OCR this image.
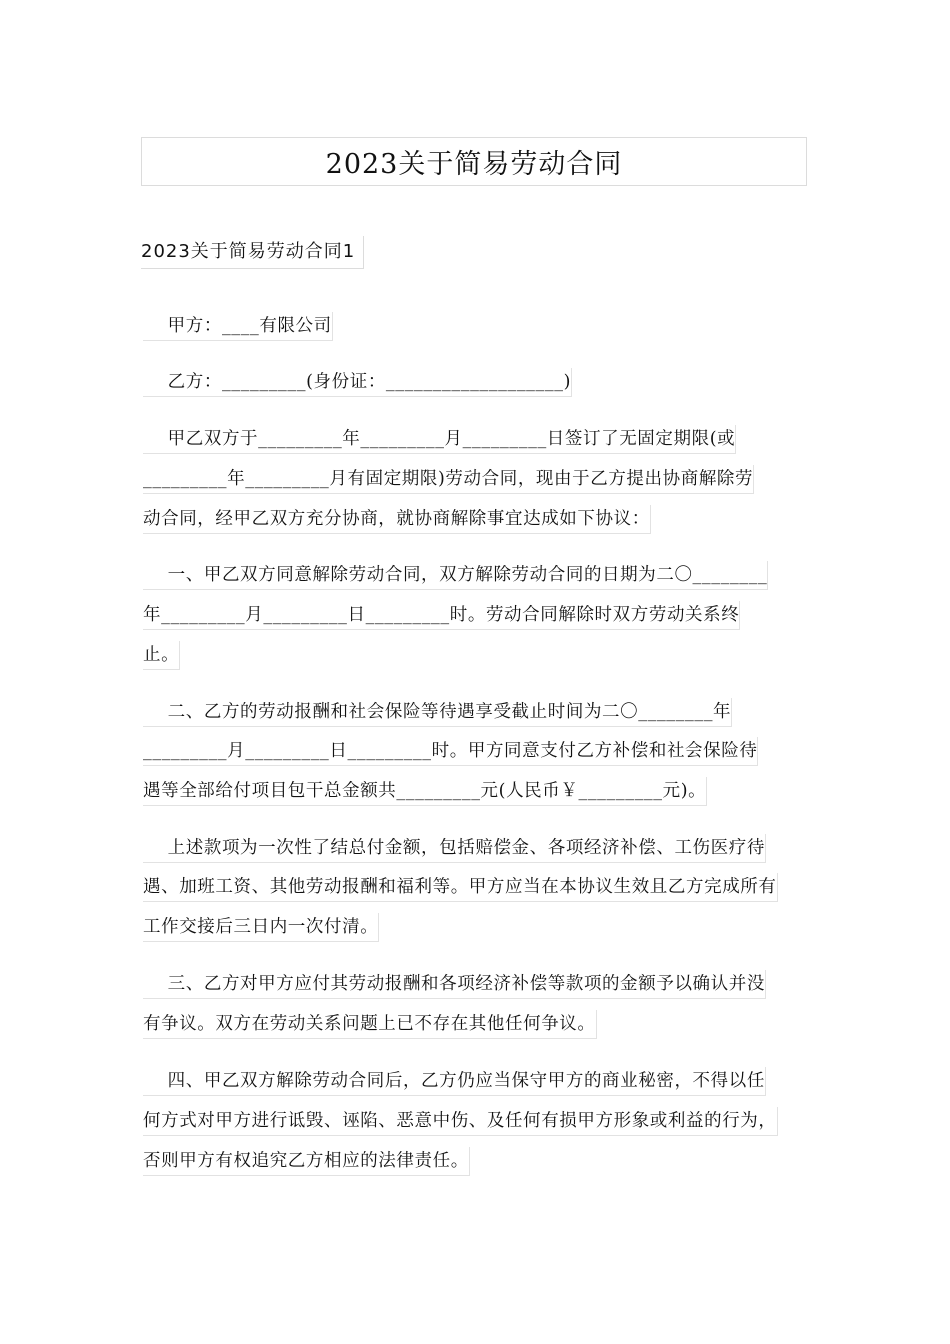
2023关于简易劳动合同
2023关于简易劳动合同1
甲方：____有限公司
乙方：_________(身份证：___________________)
甲乙双方于_________年_________月_________日签订了无固定期限(或
_________年_________月有固定期限)劳动合同，现由于乙方提出协商解除劳
动合同，经甲乙双方充分协商，就协商解除事宜达成如下协议：
一、甲乙双方同意解除劳动合同，双方解除劳动合同的日期为二〇________
年_________月_________日_________时。劳动合同解除时双方劳动关系终
止。
二、乙方的劳动报酬和社会保险等待遇享受截止时间为二〇________年
_________月_________日_________时。甲方同意支付乙方补偿和社会保险待
遇等全部给付项目包干总金额共_________元(人民币￥_________元)。
上述款项为一次性了结总付金额，包括赔偿金、各项经济补偿、工伤医疗待
遇、加班工资、其他劳动报酬和福利等。甲方应当在本协议生效且乙方完成所有
工作交接后三日内一次付清。
三、乙方对甲方应付其劳动报酬和各项经济补偿等款项的金额予以确认并没
有争议。双方在劳动关系问题上已不存在其他任何争议。
四、甲乙双方解除劳动合同后，乙方仍应当保守甲方的商业秘密，不得以任
何方式对甲方进行诋毁、诬陷、恶意中伤、及任何有损甲方形象或利益的行为，
否则甲方有权追究乙方相应的法律责任。
